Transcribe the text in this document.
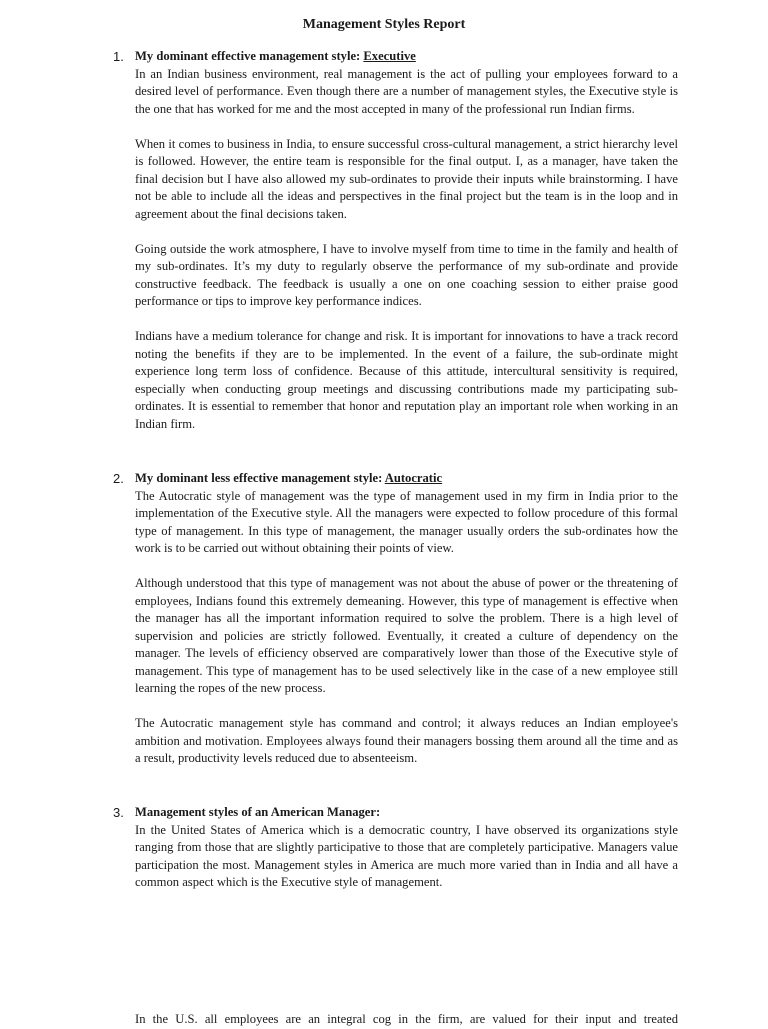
Management Styles Report
1. My dominant effective management style: Executive

In an Indian business environment, real management is the act of pulling your employees forward to a desired level of performance. Even though there are a number of management styles, the Executive style is the one that has worked for me and the most accepted in many of the professional run Indian firms.

When it comes to business in India, to ensure successful cross-cultural management, a strict hierarchy level is followed. However, the entire team is responsible for the final output. I, as a manager, have taken the final decision but I have also allowed my sub-ordinates to provide their inputs while brainstorming. I have not be able to include all the ideas and perspectives in the final project but the team is in the loop and in agreement about the final decisions taken.

Going outside the work atmosphere, I have to involve myself from time to time in the family and health of my sub-ordinates. It’s my duty to regularly observe the performance of my sub-ordinate and provide constructive feedback. The feedback is usually a one on one coaching session to either praise good performance or tips to improve key performance indices.

Indians have a medium tolerance for change and risk. It is important for innovations to have a track record noting the benefits if they are to be implemented. In the event of a failure, the sub-ordinate might experience long term loss of confidence. Because of this attitude, intercultural sensitivity is required, especially when conducting group meetings and discussing contributions made my participating sub-ordinates. It is essential to remember that honor and reputation play an important role when working in an Indian firm.

2. My dominant less effective management style: Autocratic

The Autocratic style of management was the type of management used in my firm in India prior to the implementation of the Executive style. All the managers were expected to follow procedure of this formal type of management. In this type of management, the manager usually orders the sub-ordinates how the work is to be carried out without obtaining their points of view.

Although understood that this type of management was not about the abuse of power or the threatening of employees, Indians found this extremely demeaning. However, this type of management is effective when the manager has all the important information required to solve the problem. There is a high level of supervision and policies are strictly followed. Eventually, it created a culture of dependency on the manager. The levels of efficiency observed are comparatively lower than those of the Executive style of management. This type of management has to be used selectively like in the case of a new employee still learning the ropes of the new process.

The Autocratic management style has command and control; it always reduces an Indian employee's ambition and motivation. Employees always found their managers bossing them around all the time and as a result, productivity levels reduced due to absenteeism.

3. Management styles of an American Manager:

In the United States of America which is a democratic country, I have observed its organizations style ranging from those that are slightly participative to those that are completely participative. Managers value participation the most. Management styles in America are much more varied than in India and all have a common aspect which is the Executive style of management.

In the U.S. all employees are an integral cog in the firm, are valued for their input and treated
